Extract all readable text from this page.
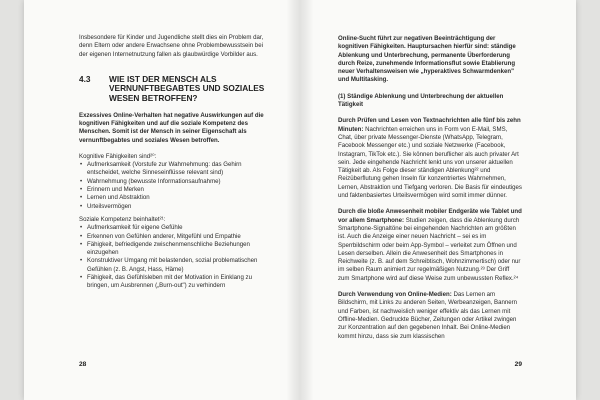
Insbesondere für Kinder und Jugendliche stellt dies ein Problem dar, denn Eltern oder andere Erwachsene ohne Problembewusstsein bei der eigenen Internetnutzung fallen als glaubwürdige Vorbilder aus.

4.3	WIE IST DER MENSCH ALS VERNUNFTBEGABTES UND SOZIALES WESEN BETROFFEN?

Exzessives Online-Verhalten hat negative Auswirkungen auf die kognitiven Fähigkeiten und auf die soziale Kompetenz des Menschen. Somit ist der Mensch in seiner Eigenschaft als vernunftbegabtes und soziales Wesen betroffen.

Kognitive Fähigkeiten sind²⁰:

• Aufmerksamkeit (Vorstufe zur Wahrnehmung: das Gehirn entscheidet, welche Sinneseinflüsse relevant sind)
• Wahrnehmung (bewusste Informationsaufnahme)
• Erinnern und Merken
• Lernen und Abstraktion
• Urteilsvermögen

Soziale Kompetenz beinhaltet²¹:

• Aufmerksamkeit für eigene Gefühle
• Erkennen von Gefühlen anderer, Mitgefühl und Empathie
• Fähigkeit, befriedigende zwischenmenschliche Beziehungen einzugehen
• Konstruktiver Umgang mit belastenden, sozial problematischen Gefühlen (z. B. Angst, Hass, Häme)
• Fähigkeit, das Gefühlsleben mit der Motivation in Einklang zu bringen, um Ausbrennen („Burn-out") zu verhindern
28

Online-Sucht führt zur negativen Beeinträchtigung der kognitiven Fähigkeiten. Hauptursachen hierfür sind: ständige Ablenkung und Unterbrechung, permanente Überforderung durch Reize, zunehmende Informationsflut sowie Etablierung neuer Verhaltensweisen wie „hyperaktives Schwarmdenken" und Multitasking.

(1) Ständige Ablenkung und Unterbrechung der aktuellen Tätigkeit

Durch Prüfen und Lesen von Textnachrichten alle fünf bis zehn Minuten: Nachrichten erreichen uns in Form von E-Mail, SMS, Chat, über private Messenger-Dienste (WhatsApp, Telegram, Facebook Messenger etc.) und soziale Netzwerke (Facebook, Instagram, TikTok etc.). Sie können beruflicher als auch privater Art sein. Jede eingehende Nachricht lenkt uns von unserer aktuellen Tätigkeit ab. Als Folge dieser ständigen Ablenkung²² und Reizüberflutung gehen Inseln für konzentriertes Wahrnehmen, Lernen, Abstraktion und Tiefgang verloren. Die Basis für eindeutiges und faktenbasiertes Urteilsvermögen wird somit immer dünner.

Durch die bloße Anwesenheit mobiler Endgeräte wie Tablet und vor allem Smartphone: Studien zeigen, dass die Ablenkung durch Smartphone-Signaltöne bei eingehenden Nachrichten am größten ist. Auch die Anzeige einer neuen Nachricht – sei es im Sperrbildschirm oder beim App-Symbol – verleitet zum Öffnen und Lesen derselben. Allein die Anwesenheit des Smartphones in Reichweite (z. B. auf dem Schreibtisch, Wohnzimmertisch) oder nur im selben Raum animiert zur regelmäßigen Nutzung.²³ Der Griff zum Smartphone wird auf diese Weise zum unbewussten Reflex.²⁴

Durch Verwendung von Online-Medien: Das Lernen am Bildschirm, mit Links zu anderen Seiten, Werbeanzeigen, Bannern und Farben, ist nachweislich weniger effektiv als das Lernen mit Offline-Medien. Gedruckte Bücher, Zeitungen oder Artikel zwingen zur Konzentration auf den gegebenen Inhalt. Bei Online-Medien kommt hinzu, dass sie zum klassischen

29
